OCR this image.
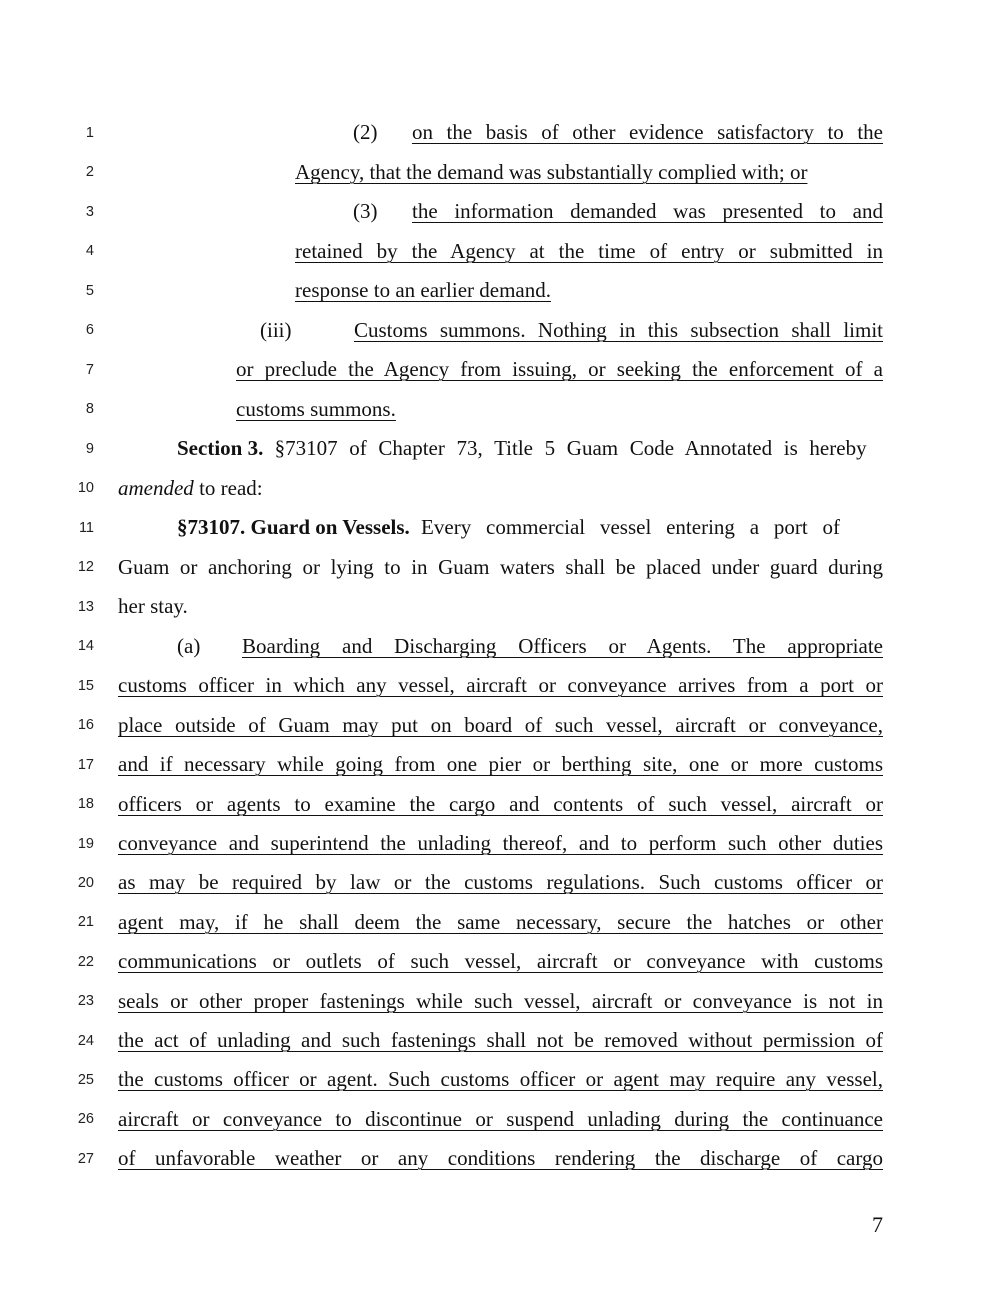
1
2
3
4
5
6
7
8
9
10
11
12
13
14
15
16
17
18
19
20
21
22
23
24
25
26
27
(2) on the basis of other evidence satisfactory to the
Agency, that the demand was substantially complied with; or
(3) the information demanded was presented to and
retained by the Agency at the time of entry or submitted in
response to an earlier demand.
(iii)	Customs summons. Nothing in this subsection shall limit
or preclude the Agency from issuing, or seeking the enforcement of a
customs summons.
Section 3. §73107 of Chapter 73, Title 5 Guam Code Annotated is hereby
amended to read:
§73107. Guard on Vessels. Every commercial vessel entering a port of
Guam or anchoring or lying to in Guam waters shall be placed under guard during
her stay.
(a) Boarding and Discharging Officers or Agents. The appropriate
customs officer in which any vessel, aircraft or conveyance arrives from a port or
place outside of Guam may put on board of such vessel, aircraft or conveyance,
and if necessary while going from one pier or berthing site, one or more customs
officers or agents to examine the cargo and contents of such vessel, aircraft or
conveyance and superintend the unlading thereof, and to perform such other duties
as may be required by law or the customs regulations. Such customs officer or
agent may, if he shall deem the same necessary, secure the hatches or other
communications or outlets of such vessel, aircraft or conveyance with customs
seals or other proper fastenings while such vessel, aircraft or conveyance is not in
the act of unlading and such fastenings shall not be removed without permission of
the customs officer or agent. Such customs officer or agent may require any vessel,
aircraft or conveyance to discontinue or suspend unlading during the continuance
of unfavorable weather or any conditions rendering the discharge of cargo
7
